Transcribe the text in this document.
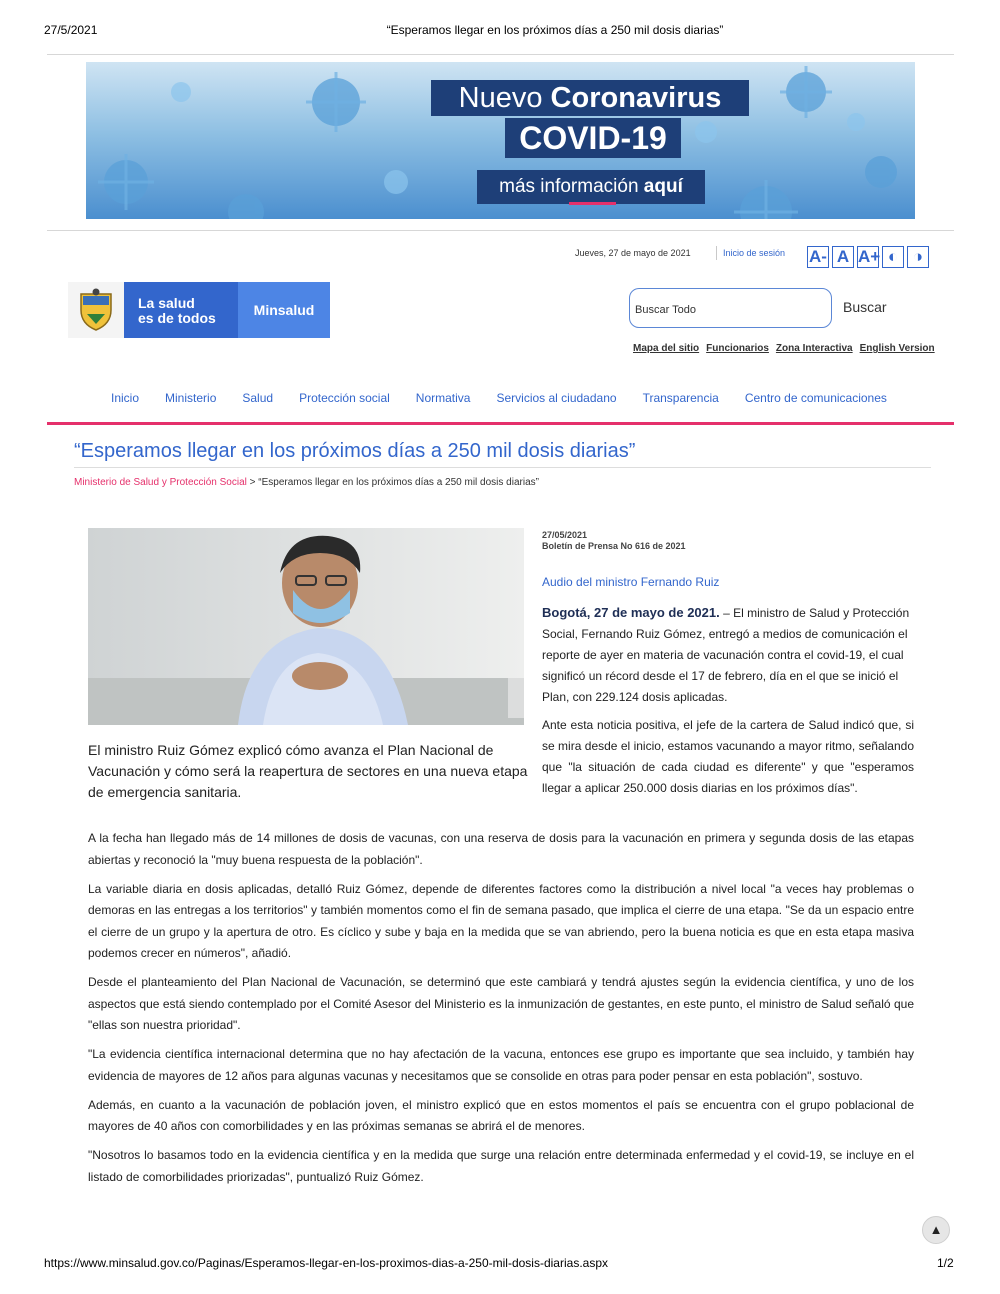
27/5/2021	“Esperamos llegar en los próximos días a 250 mil dosis diarias”
Nuevo Coronavirus
COVID-19
más información aquí
Jueves, 27 de mayo de 2021	Inicio de sesión A- A A+ ◐ ◑
La salud
es de todos	Minsalud	Buscar Todo	Buscar
Mapa del sitio Funcionarios Zona Interactiva English Version
Inicio Ministerio Salud Protección social Normativa Servicios al ciudadano Transparencia Centro de comunicaciones
“Esperamos llegar en los próximos días a 250 mil dosis diarias”
Ministerio de Salud y Protección Social > “Esperamos llegar en los próximos días a 250 mil dosis diarias”
El ministro Ruiz Gómez explicó cómo avanza el Plan Nacional de Vacunación y cómo será la reapertura de sectores en una nueva etapa de emergencia sanitaria.
27/05/2021
Boletín de Prensa No 616 de 2021
Audio del ministro Fernando Ruiz
Bogotá, 27 de mayo de 2021. – El ministro de Salud y Protección Social, Fernando Ruiz Gómez, entregó a medios de comunicación el reporte de ayer en materia de vacunación contra el covid-19, el cual significó un récord desde el 17 de febrero, día en el que se inició el Plan, con 229.124 dosis aplicadas.
Ante esta noticia positiva, el jefe de la cartera de Salud indicó que, si se mira desde el inicio, estamos vacunando a mayor ritmo, señalando que "la situación de cada ciudad es diferente" y que "esperamos llegar a aplicar 250.000 dosis diarias en los próximos días".

A la fecha han llegado más de 14 millones de dosis de vacunas, con una reserva de dosis para la vacunación en primera y segunda dosis de las etapas abiertas y reconoció la "muy buena respuesta de la población".

La variable diaria en dosis aplicadas, detalló Ruiz Gómez, depende de diferentes factores como la distribución a nivel local "a veces hay problemas o demoras en las entregas a los territorios" y también momentos como el fin de semana pasado, que implica el cierre de una etapa. "Se da un espacio entre el cierre de un grupo y la apertura de otro. Es cíclico y sube y baja en la medida que se van abriendo, pero la buena noticia es que en esta etapa masiva podemos crecer en números", añadió.

Desde el planteamiento del Plan Nacional de Vacunación, se determinó que este cambiará y tendrá ajustes según la evidencia científica, y uno de los aspectos que está siendo contemplado por el Comité Asesor del Ministerio es la inmunización de gestantes, en este punto, el ministro de Salud señaló que "ellas son nuestra prioridad".

"La evidencia científica internacional determina que no hay afectación de la vacuna, entonces ese grupo es importante que sea incluido, y también hay evidencia de mayores de 12 años para algunas vacunas y necesitamos que se consolide en otras para poder pensar en esta población", sostuvo.

Además, en cuanto a la vacunación de población joven, el ministro explicó que en estos momentos el país se encuentra con el grupo poblacional de mayores de 40 años con comorbilidades y en las próximas semanas se abrirá el de menores.

"Nosotros lo basamos todo en la evidencia científica y en la medida que surge una relación entre determinada enfermedad y el covid-19, se incluye en el listado de comorbilidades priorizadas", puntualizó Ruiz Gómez.

▲
https://www.minsalud.gov.co/Paginas/Esperamos-llegar-en-los-proximos-dias-a-250-mil-dosis-diarias.aspx	1/2
